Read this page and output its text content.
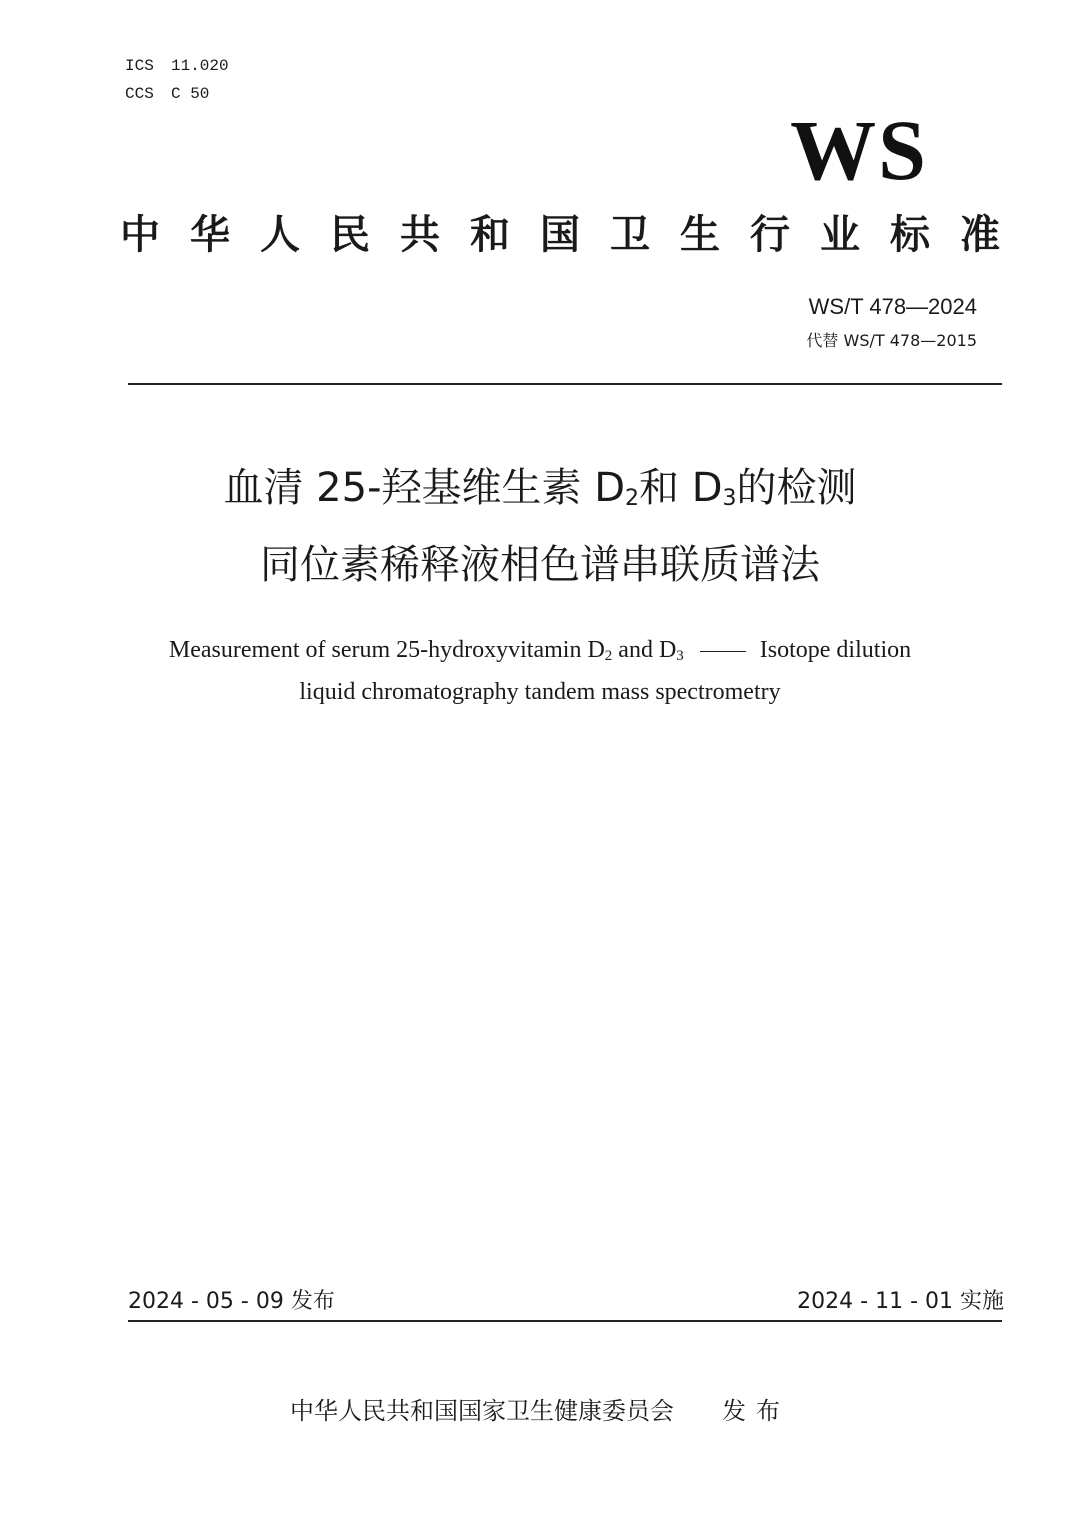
ICS 11.020
CCS C 50
WS
中 华 人 民 共 和 国 卫 生 行 业 标 准
WS/T 478—2024
代替 WS/T 478—2015
血清 25-羟基维生素 $D_2$和 $D_3$的检测
同位素稀释液相色谱串联质谱法
Measurement of serum 25-hydroxyvitamin $D_2$ and $D_3$	Isotope dilution
liquid chromatography tandem mass spectrometry
2024 - 05 - 09 发布	2024 - 11 - 01 实施
中华人民共和国国家卫生健康委员会 发布
